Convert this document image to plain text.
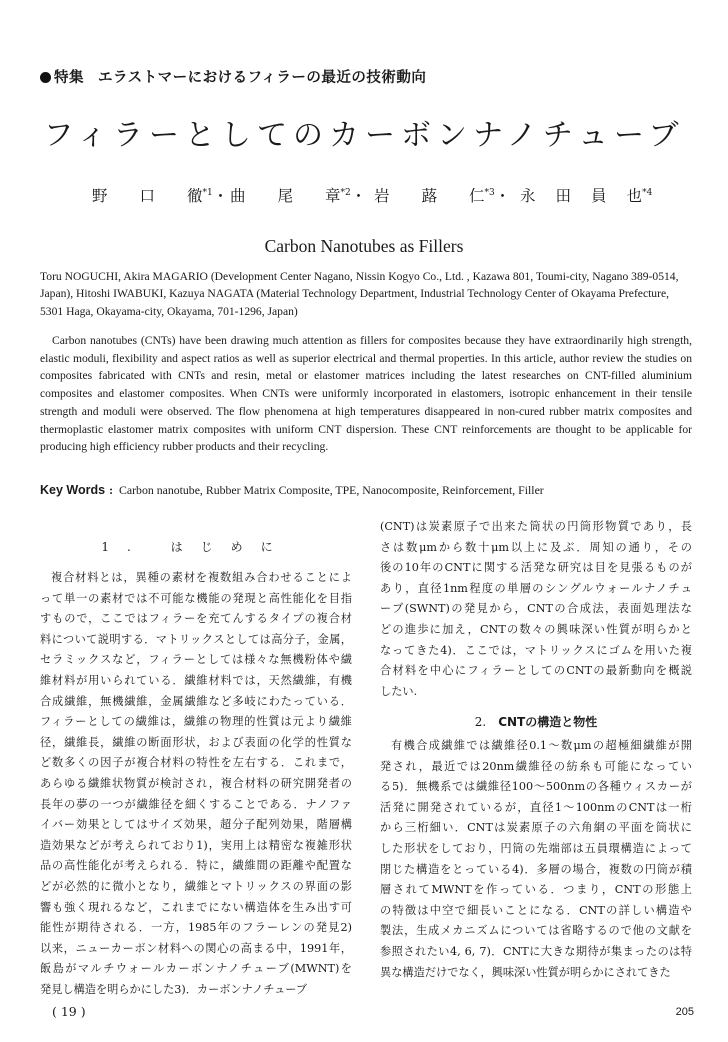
特集 エラストマーにおけるフィラーの最近の技術動向
フィラーとしてのカーボンナノチューブ
野 口 徹$^{*1}$・ 曲 尾 章$^{*2}$・ 岩 蕗 仁$^{*3}$・ 永 田 員 也$^{*4}$
Carbon Nanotubes as Fillers
Toru NOGUCHI, Akira MAGARIO (Development Center Nagano, Nissin Kogyo Co., Ltd. , Kazawa 801, Toumi-city, Nagano 389-0514, Japan), Hitoshi IWABUKI, Kazuya NAGATA (Material Technology Department, Industrial Technology Center of Okayama Prefecture, 5301 Haga, Okayama-city, Okayama, 701-1296, Japan)
Carbon nanotubes (CNTs) have been drawing much attention as fillers for composites because they have extraordinarily high strength, elastic moduli, flexibility and aspect ratios as well as superior electrical and thermal properties. In this article, author review the studies on composites fabricated with CNTs and resin, metal or elastomer matrices including the latest researches on CNT-filled aluminium composites and elastomer composites. When CNTs were uniformly incorporated in elastomers, isotropic enhancement in their tensile strength and moduli were observed. The flow phenomena at high temperatures disappeared in non-cured rubber matrix composites and thermoplastic elastomer matrix composites with uniform CNT dispersion. These CNT reinforcements are thought to be applicable for producing high efficiency rubber products and their recycling.
Key Words : Carbon nanotube, Rubber Matrix Composite, TPE, Nanocomposite, Reinforcement, Filler
1. はじめに
複合材料とは，異種の素材を複数組み合わせることによ
って単一の素材では不可能な機能の発現と高性能化を目指
すもので，ここではフィラーを充てんするタイプの複合材
料について説明する．マトリックスとしては高分子，金属，
セラミックスなど，フィラーとしては様々な無機粉体や繊
維材料が用いられている．繊維材料では，天然繊維，有機
合成繊維，無機繊維，金属繊維など多岐にわたっている．
フィラーとしての繊維は，繊維の物理的性質は元より繊維
径，繊維長，繊維の断面形状，および表面の化学的性質な
ど数多くの因子が複合材料の特性を左右する．これまで，
あらゆる繊維状物質が検討され，複合材料の研究開発者の
長年の夢の一つが繊維径を細くすることである．ナノファ
イバー効果としてはサイズ効果，超分子配列効果，階層構
造効果などが考えられており1)，実用上は精密な複雑形状
品の高性能化が考えられる．特に，繊維間の距離や配置な
どが必然的に微小となり，繊維とマトリックスの界面の影
響も強く現れるなど，これまでにない構造体を生み出す可
能性が期待される．一方，1985年のフラーレンの発見2)
以来，ニューカーボン材料への関心の高まる中，1991年，
飯島がマルチウォールカーボンナノチューブ(MWNT)を
発見し構造を明らかにした3)．カーボンナノチューブ
(CNT)は炭素原子で出来た筒状の円筒形物質であり，長
さは数μmから数十μm以上に及ぶ．周知の通り，その
後の10年のCNTに関する活発な研究は目を見張るものが
あり，直径1nm程度の単層のシングルウォールナノチュ
ーブ(SWNT)の発見から，CNTの合成法，表面処理法な
どの進歩に加え，CNTの数々の興味深い性質が明らかと
なってきた4)．ここでは，マトリックスにゴムを用いた複
合材料を中心にフィラーとしてのCNTの最新動向を概説
したい.
2. CNTの構造と物性
有機合成繊維では繊維径0.1～数μmの超極細繊維が開
発され，最近では20nm繊維径の紡糸も可能になってい
る5)．無機系では繊維径100～500nmの各種ウィスカーが
活発に開発されているが，直径1～100nmのCNTは一桁
から三桁細い．CNTは炭素原子の六角網の平面を筒状に
した形状をしており，円筒の先端部は五員環構造によって
閉じた構造をとっている4)．多層の場合，複数の円筒が積
層されてMWNTを作っている．つまり，CNTの形態上
の特徴は中空で細長いことになる．CNTの詳しい構造や
製法，生成メカニズムについては省略するので他の文献を
参照されたい4, 6, 7)．CNTに大きな期待が集まったのは特
異な構造だけでなく，興味深い性質が明らかにされてきた
( 19 )	205
